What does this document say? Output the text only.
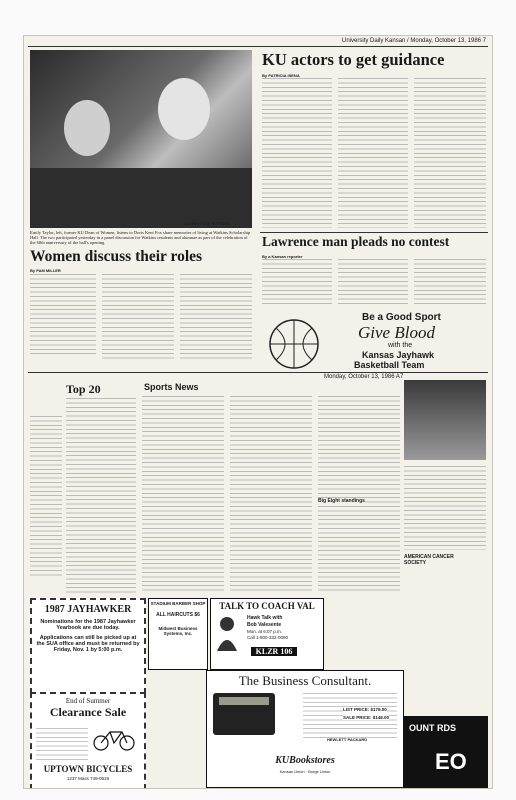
University Daily Kansan / Monday, October 13, 1986 7
Staff Photo/KURT HUFFMAN
Emily Taylor, left, former KU Dean of Women, listens to Doris Kent Fox share memories of living at Watkins Scholarship Hall. The two participated yesterday in a panel discussion for Watkins residents and alumnae as part of the celebration of the 60th anniversary of the hall's opening.
Women discuss their roles
By PAM MILLER
KU actors to get guidance
By PATRICIA ISENA
Lawrence man pleads no contest
By a Kansan reporter
Be a Good Sport
Give Blood
with the
Kansas Jayhawk
Basketball Team
Monday, October 13, 1986 A7
Top 20	Sports News
Big Eight standings
AMERICAN CANCER SOCIETY
1987 JAYHAWKER
Nominations for the 1987 Jayhawker Yearbook are due today.
Applications can still be picked up at the SUA office and must be returned by Friday, Nov. 1 by 5:00 p.m.
End of Summer
Clearance Sale
UPTOWN BICYCLES
1237 Mass 749-0626
STADIUM BARBER SHOP
ALL HAIRCUTS $6
Midwest Business Systems, Inc.
TALK TO COACH VAL
Hawk Talk with
Bob Valesente
Mon. at 6:07 p.m.
Call 1-800-332-0090
KLZR 106
The Business Consultant.
LIST PRICE: $179.00
SALE PRICE: $148.00
HEWLETT PACKARD
KUBookstores
Kansas Union · Burge Union
OUNT RDS
EO
